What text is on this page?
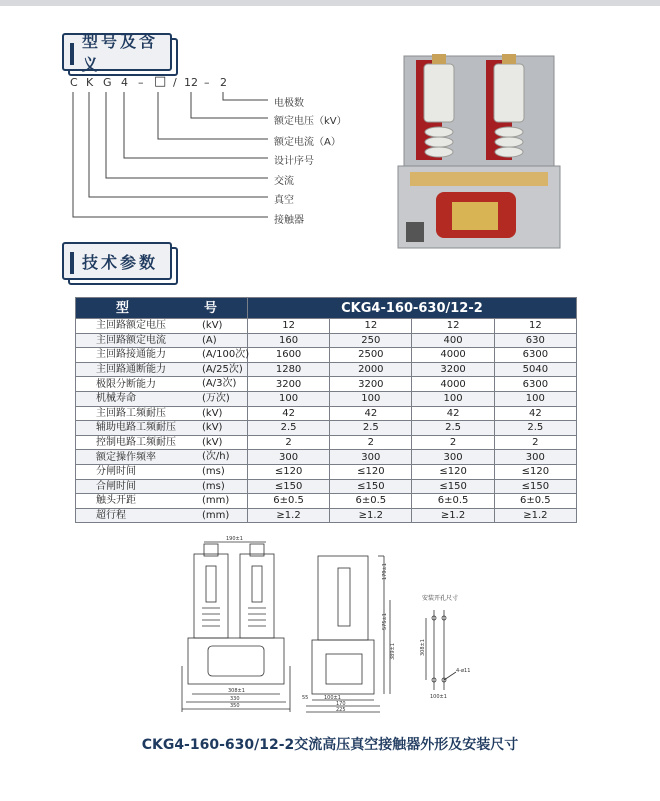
型号及含义
C K G 4 – □ / 12 – 2
电极数
额定电压（kV）
额定电流（A）
设计序号
交流
真空
接触器
技术参数
型 号	CKG4-160-630/12-2			
主回路额定电压 (kV)	12	12	12	12
主回路额定电流 (A)	160	250	400	630
主回路接通能力 (A/100次)	1600	2500	4000	6300
主回路通断能力 (A/25次)	1280	2000	3200	5040
极限分断能力 (A/3次)	3200	3200	4000	6300
机械寿命 (万次)	100	100	100	100
主回路工频耐压 (kV)	42	42	42	42
辅助电路工频耐压 (kV)	2.5	2.5	2.5	2.5
控制电路工频耐压 (kV)	2	2	2	2
额定操作频率 (次/h)	300	300	300	300
分闸时间 (ms)	≤120	≤120	≤120	≤120
合闸时间 (ms)	≤150	≤150	≤150	≤150
触头开距 (mm)	6±0.5	6±0.5	6±0.5	6±0.5
超行程 (mm)	≥1.2	≥1.2	≥1.2	≥1.2
190±1
308±1
330
350
179±1
575±1
389±1
100±1
170
225
55
安装开孔尺寸
308±1
100±1
4-ø11
CKG4-160-630/12-2交流高压真空接触器外形及安装尺寸
